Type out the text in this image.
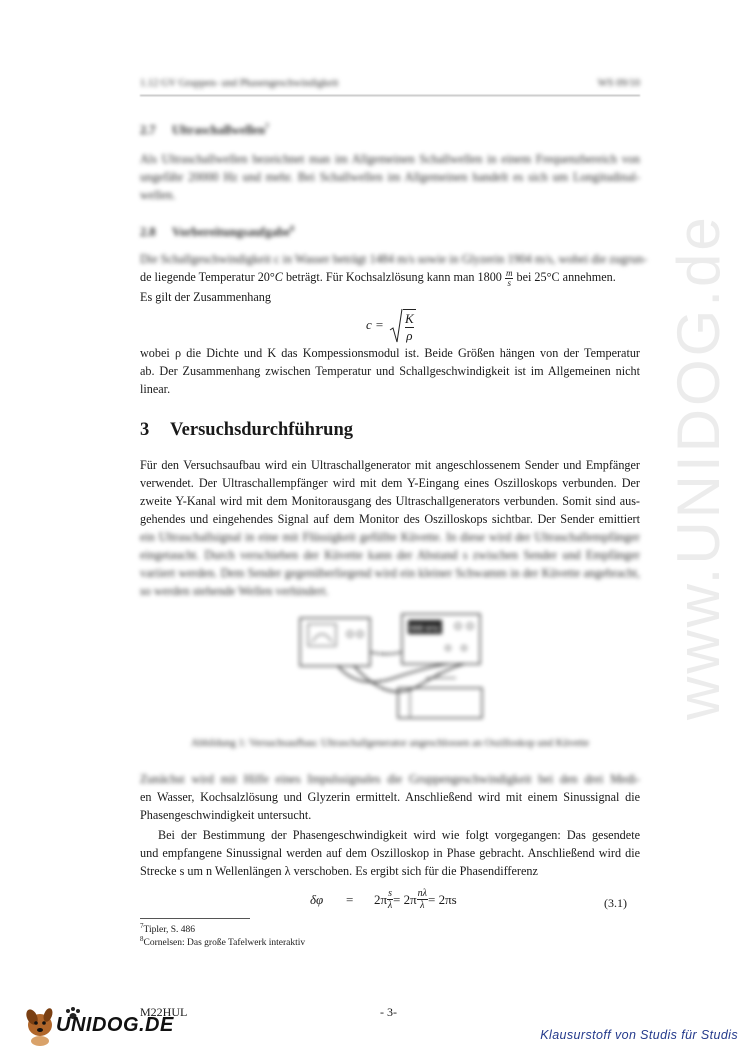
www.UNIDOG.de
1.12 GV Gruppen- und Phasengeschwindigkeit	WS 09/10
2.7 Ultraschallwellen$^7$
Als Ultraschallwellen bezeichnet man im Allgemeinen Schallwellen in einem Frequenzbereich von
ungefähr 20000 Hz und mehr. Bei Schallwellen im Allgemeinen handelt es sich um Longitudinal-
wellen.
2.8 Vorbereitungsaufgabe$^8$
Die Schallgeschwindigkeit c in Wasser beträgt 1484 m/s sowie in Glyzerin 1904 m/s, wobei die zugrun-
de liegende Temperatur 20°C beträgt. Für Kochsalzlösung kann man $1800 \frac{m}{s}$ bei 25°C annehmen.
Es gilt der Zusammenhang
$c = \frac{K}{\rho}$
wobei ρ die Dichte und K das Kompessionsmodul ist. Beide Größen hängen von der Temperatur
ab. Der Zusammenhang zwischen Temperatur und Schallgeschwindigkeit ist im Allgemeinen nicht
linear.
3 Versuchsdurchführung
Für den Versuchsaufbau wird ein Ultraschallgenerator mit angeschlossenem Sender und Empfänger
verwendet. Der Ultraschallempfänger wird mit dem Y-Eingang eines Oszilloskops verbunden. Der
zweite Y-Kanal wird mit dem Monitorausgang des Ultraschallgenerators verbunden. Somit sind aus-
gehendes und eingehendes Signal auf dem Monitor des Oszilloskops sichtbar. Der Sender emittiert
ein Ultraschallsignal in eine mit Flüssigkeit gefüllte Küvette. In diese wird der Ultraschallempfänger
eingetaucht. Durch verschieben der Küvette kann der Abstand s zwischen Sender und Empfänger
variiert werden. Dem Sender gegenüberliegend wird ein kleiner Schwamm in der Küvette angebracht,
so werden stehende Wellen verhindert.
888 kHz
s
Abbildung 1: Versuchsaufbau: Ultraschallgenerator angeschlossen an Oszilloskop und Küvette
Zunächst wird mit Hilfe eines Impulssignales die Gruppengeschwindigkeit bei den drei Medi-
en Wasser, Kochsalzlösung und Glyzerin ermittelt. Anschließend wird mit einem Sinussignal die
Phasengeschwindigkeit untersucht.
Bei der Bestimmung der Phasengeschwindigkeit wird wie folgt vorgegangen: Das gesendete
und empfangene Sinussignal werden auf dem Oszilloskop in Phase gebracht. Anschließend wird die
Strecke s um n Wellenlängen λ verschoben. Es ergibt sich für die Phasendifferenz
δφ	=	$2\pi \frac{s}{\lambda} = 2\pi \frac{n\lambda}{\lambda} = 2\pi s$	(3.1)
$^7$Tipler, S. 486
$^8$Cornelsen: Das große Tafelwerk interaktiv
M22HUL	- 3-
UNIDOG.DE	Klausurstoff von Studis für Studis
